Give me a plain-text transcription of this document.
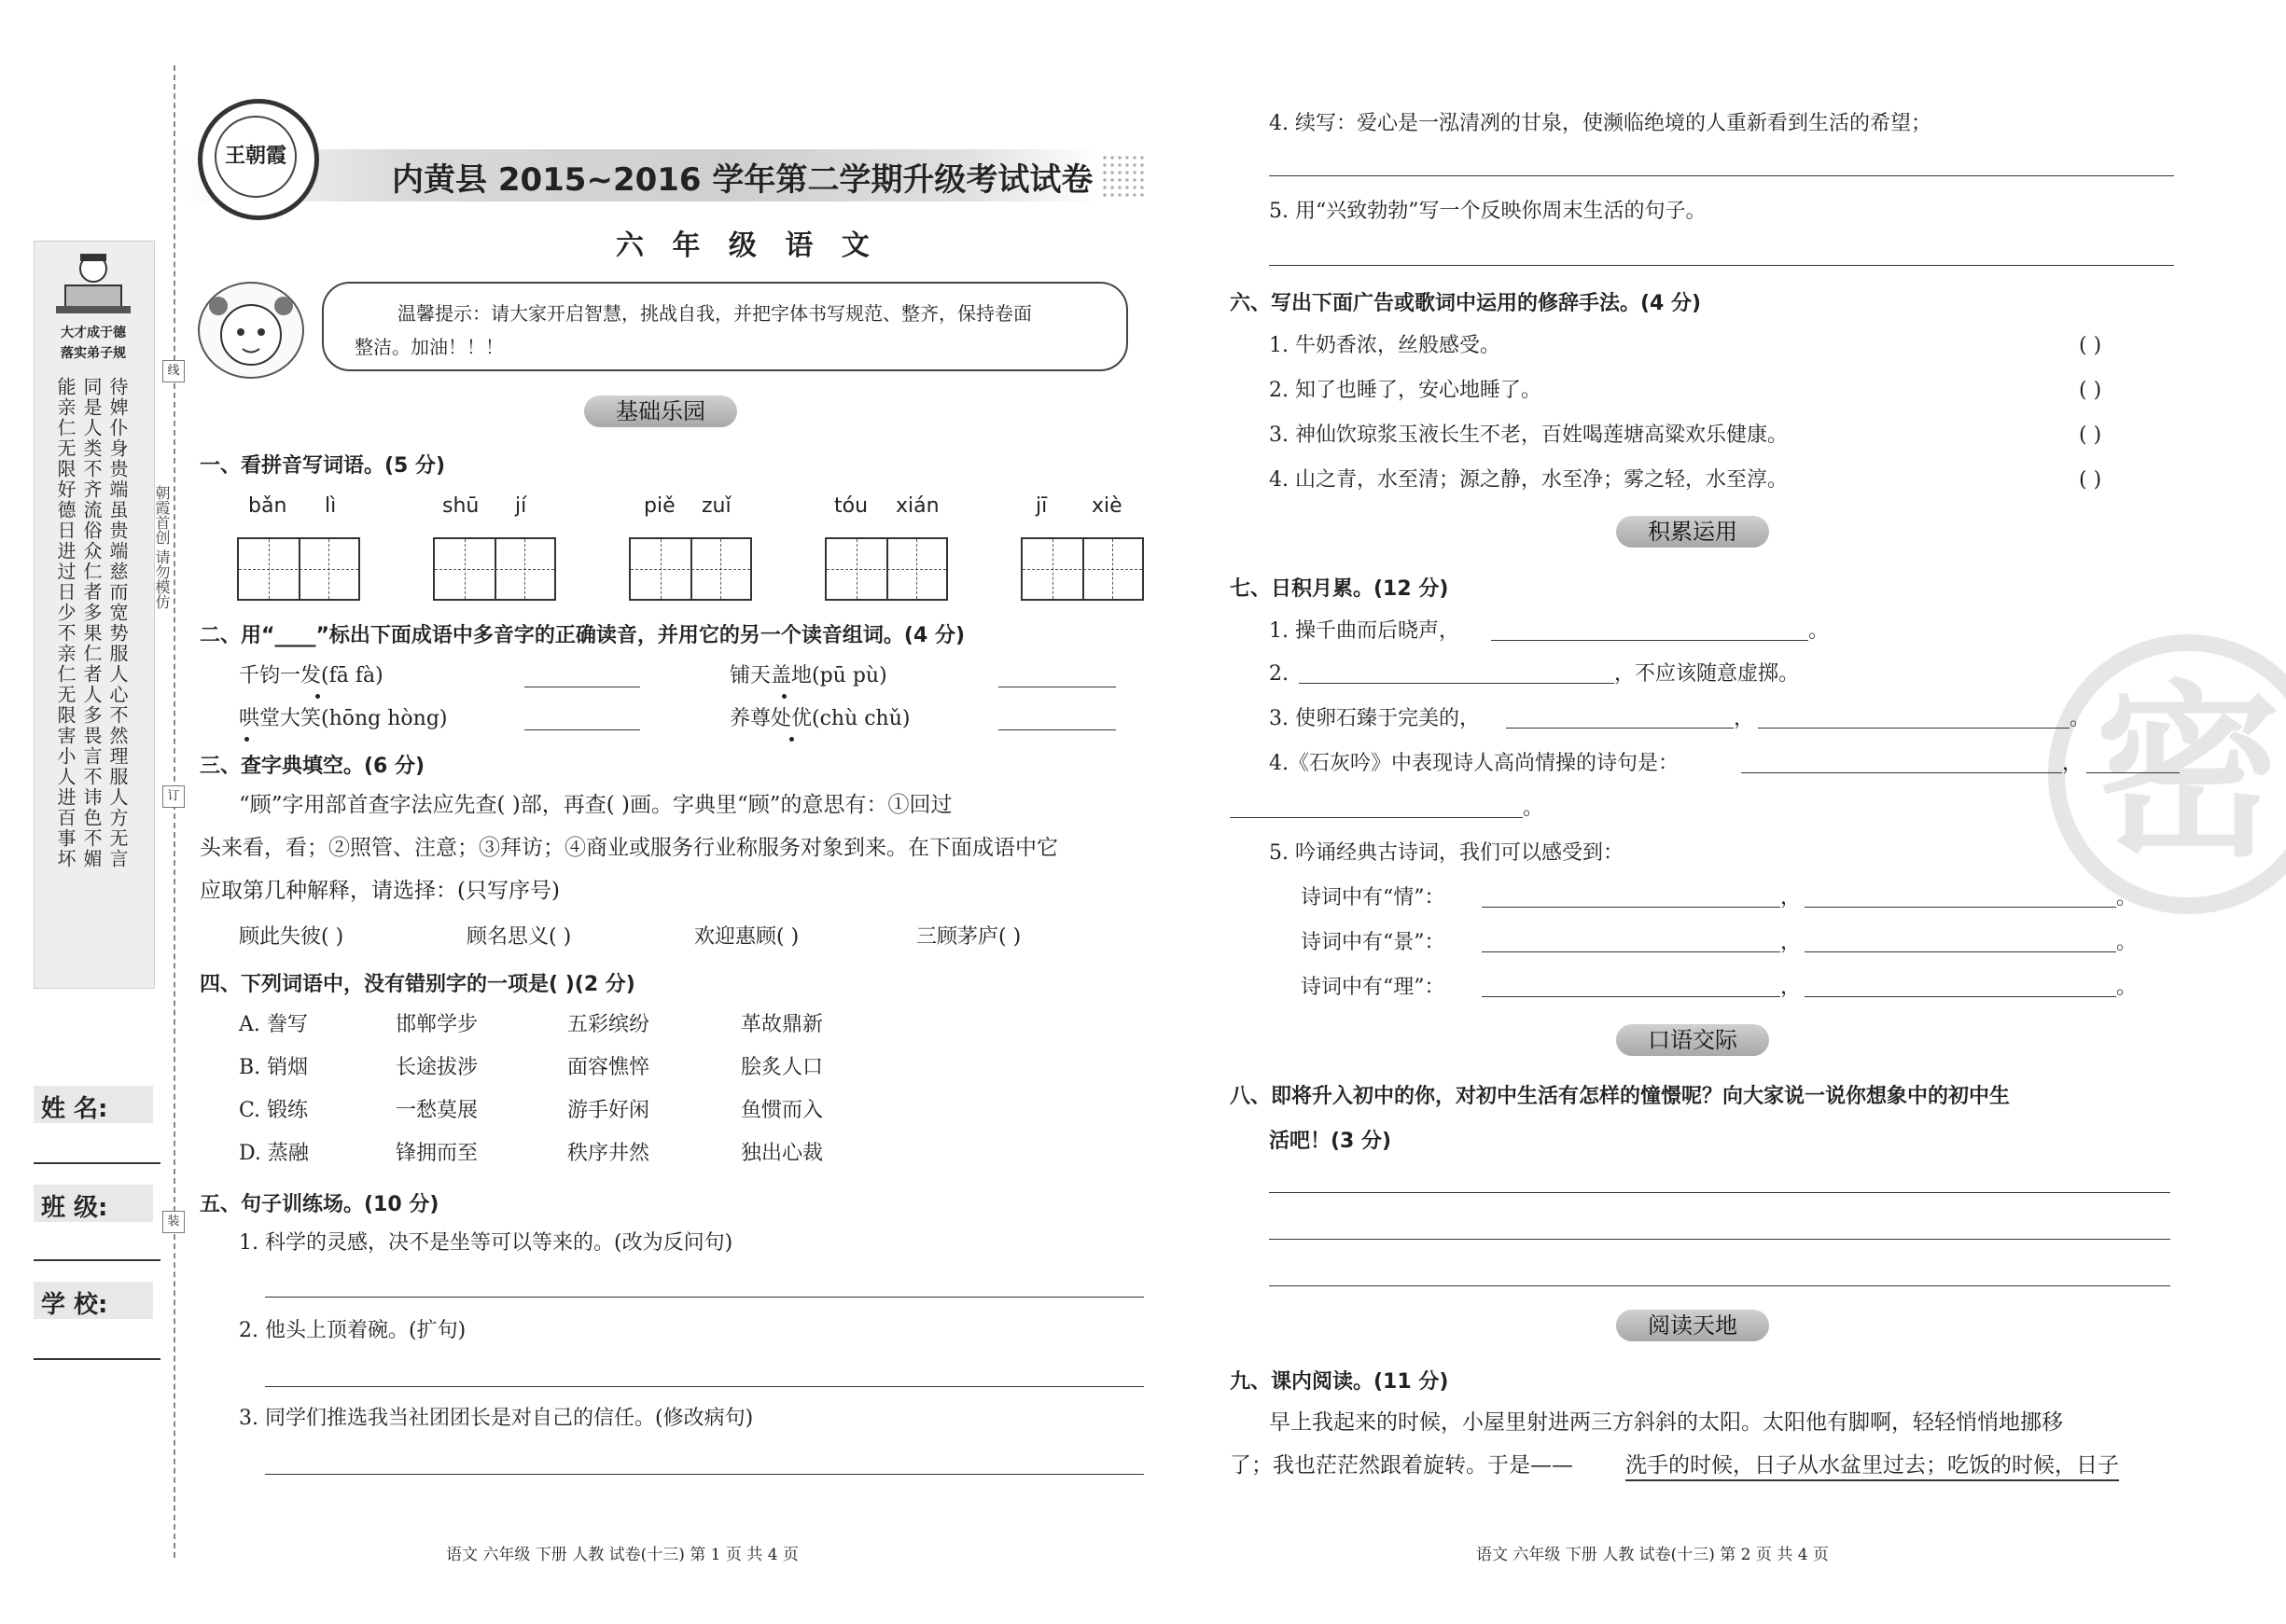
大才成于德
落实弟子规
待婢仆身贵端虽贵端慈而宽势服人心不然理服人方无言
同是人类不齐流俗众仁者多果仁者人多畏言不讳色不媚
能亲仁无限好德日进过日少不亲仁无限害小人进百事坏
姓 名:
班 级:
学 校:
线
订
装
朝霞首创 请勿模仿
王朝霞
内黄县 2015~2016 学年第二学期升级考试试卷
六 年 级 语 文
温馨提示：请大家开启智慧，挑战自我，并把字体书写规范、整齐，保持卷面
整洁。加油！！！
基础乐园
一、看拼音写词语。(5 分)
bǎn lì	shū jí	piě zuǐ	tóu xián	jī xiè
二、用“____”标出下面成语中多音字的正确读音，并用它的另一个读音组词。(4 分)
千钧一发(fā fà)	铺天盖地(pū pù)
哄堂大笑(hōng hòng)	养尊处优(chù chǔ)
三、查字典填空。(6 分)
“顾”字用部首查字法应先查( )部，再查( )画。字典里“顾”的意思有：①回过
头来看，看；②照管、注意；③拜访；④商业或服务行业称服务对象到来。在下面成语中它
应取第几种解释，请选择：(只写序号)
顾此失彼( )	顾名思义( )	欢迎惠顾( )	三顾茅庐( )
四、下列词语中，没有错别字的一项是( )(2 分)
A. 誊写	邯郸学步	五彩缤纷	革故鼎新
B. 销烟	长途拔涉	面容憔悴	脍炙人口
C. 锻练	一愁莫展	游手好闲	鱼惯而入
D. 蒸融	锋拥而至	秩序井然	独出心裁
五、句子训练场。(10 分)
1. 科学的灵感，决不是坐等可以等来的。(改为反问句)
2. 他头上顶着碗。(扩句)
3. 同学们推选我当社团团长是对自己的信任。(修改病句)
语文 六年级 下册 人教 试卷(十三) 第 1 页 共 4 页
密
4. 续写：爱心是一泓清冽的甘泉，使濒临绝境的人重新看到生活的希望；
5. 用“兴致勃勃”写一个反映你周末生活的句子。
六、写出下面广告或歌词中运用的修辞手法。(4 分)
1. 牛奶香浓，丝般感受。	( )
2. 知了也睡了，安心地睡了。	( )
3. 神仙饮琼浆玉液长生不老，百姓喝莲塘高粱欢乐健康。	( )
4. 山之青，水至清；源之静，水至净；雾之轻，水至淳。	( )
积累运用
七、日积月累。(12 分)
1. 操千曲而后晓声，	。
2.	，不应该随意虚掷。
3. 使卵石臻于完美的，	，	。
4.《石灰吟》中表现诗人高尚情操的诗句是：	，
。
5. 吟诵经典古诗词，我们可以感受到：
诗词中有“情”：	，	。
诗词中有“景”：	，	。
诗词中有“理”：	，	。
口语交际
八、即将升入初中的你，对初中生活有怎样的憧憬呢？向大家说一说你想象中的初中生
活吧！(3 分)
阅读天地
九、课内阅读。(11 分)
早上我起来的时候，小屋里射进两三方斜斜的太阳。太阳他有脚啊，轻轻悄悄地挪移
了；我也茫茫然跟着旋转。于是—— 洗手的时候，日子从水盆里过去；吃饭的时候，日子
语文 六年级 下册 人教 试卷(十三) 第 2 页 共 4 页
